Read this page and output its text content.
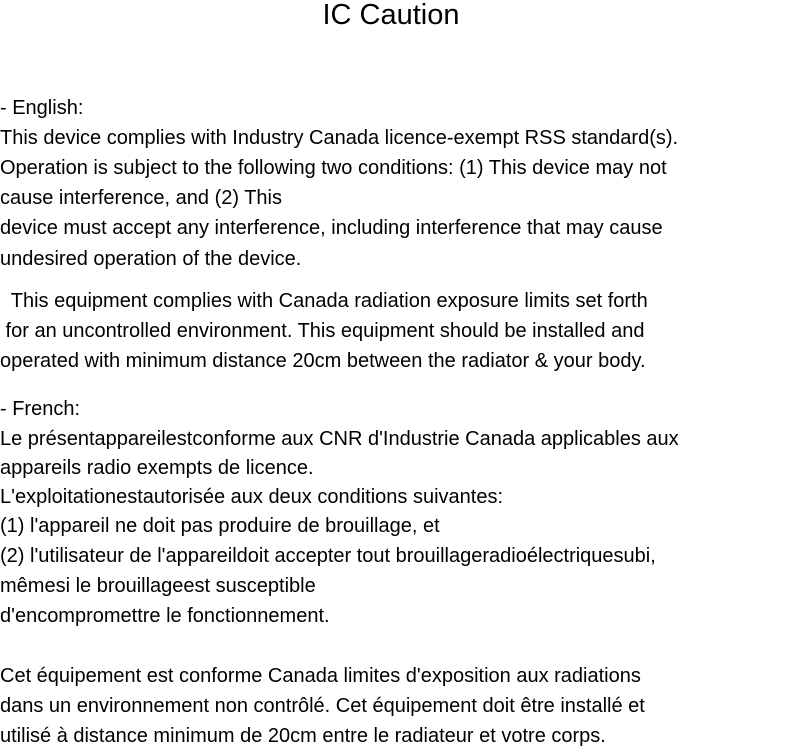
IC Caution
- English:
This device complies with Industry Canada licence-exempt RSS standard(s).
Operation is subject to the following two conditions: (1) This device may not
cause interference, and (2) This
device must accept any interference, including interference that may cause
undesired operation of the device.
This equipment complies with Canada radiation exposure limits set forth
for an uncontrolled environment. This equipment should be installed and
operated with minimum distance 20cm between the radiator & your body.
- French:
Le présentappareilestconforme aux CNR d'Industrie Canada applicables aux
appareils radio exempts de licence.
L'exploitationestautorisée aux deux conditions suivantes:
(1) l'appareil ne doit pas produire de brouillage, et
(2) l'utilisateur de l'appareildoit accepter tout brouillageradioélectriquesubi,
mêmesi le brouillageest susceptible
d'encompromettre le fonctionnement.
Cet équipement est conforme Canada limites d'exposition aux radiations
dans un environnement non contrôlé. Cet équipement doit être installé et
utilisé à distance minimum de 20cm entre le radiateur et votre corps.
